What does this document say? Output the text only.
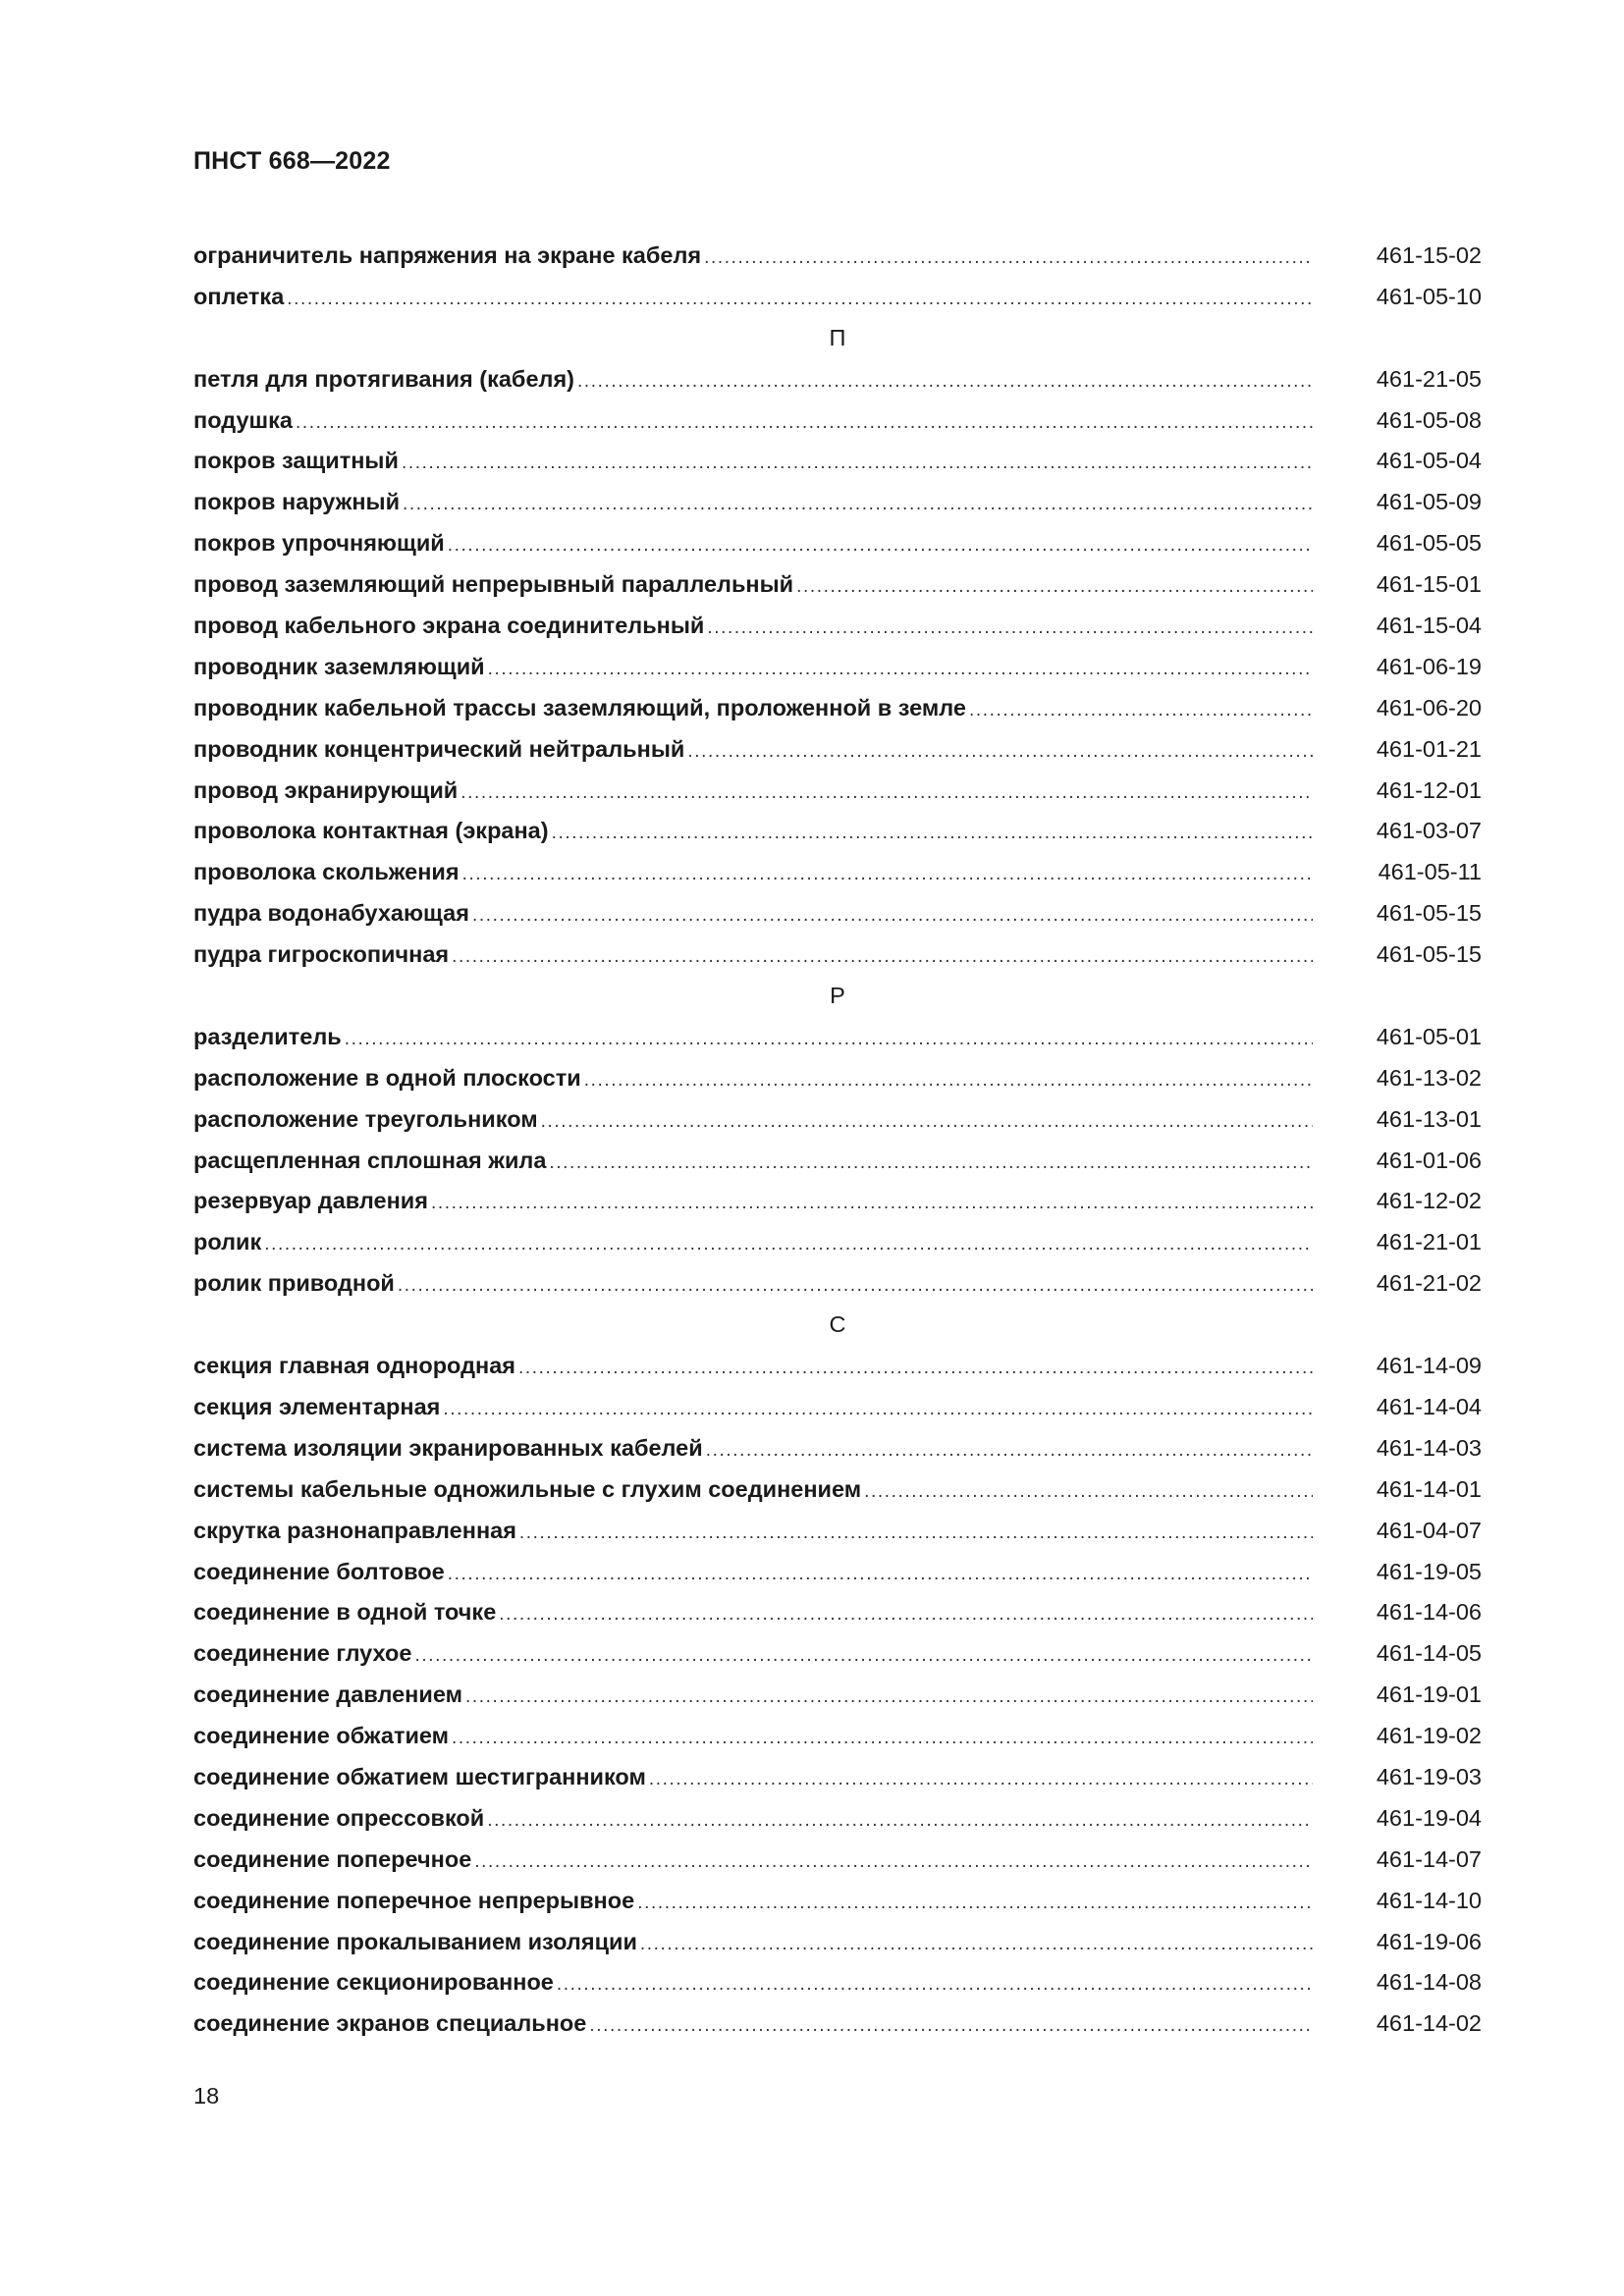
ПНСТ 668—2022
ограничитель напряжения на экране кабеля .....	461-15-02
оплетка .....	461-05-10
П
петля для протягивания (кабеля) .....	461-21-05
подушка .....	461-05-08
покров защитный .....	461-05-04
покров наружный .....	461-05-09
покров упрочняющий .....	461-05-05
провод заземляющий непрерывный параллельный .....	461-15-01
провод кабельного экрана соединительный .....	461-15-04
проводник заземляющий .....	461-06-19
проводник кабельной трассы заземляющий, проложенной в земле .....	461-06-20
проводник концентрический нейтральный .....	461-01-21
провод экранирующий .....	461-12-01
проволока контактная (экрана) .....	461-03-07
проволока скольжения .....	461-05-11
пудра водонабухающая .....	461-05-15
пудра гигроскопичная .....	461-05-15
Р
разделитель .....	461-05-01
расположение в одной плоскости .....	461-13-02
расположение треугольником .....	461-13-01
расщепленная сплошная жила .....	461-01-06
резервуар давления .....	461-12-02
ролик .....	461-21-01
ролик приводной .....	461-21-02
С
секция главная однородная .....	461-14-09
секция элементарная .....	461-14-04
система изоляции экранированных кабелей .....	461-14-03
системы кабельные одножильные с глухим соединением .....	461-14-01
скрутка разнонаправленная .....	461-04-07
соединение болтовое .....	461-19-05
соединение в одной точке .....	461-14-06
соединение глухое .....	461-14-05
соединение давлением .....	461-19-01
соединение обжатием .....	461-19-02
соединение обжатием шестигранником .....	461-19-03
соединение опрессовкой .....	461-19-04
соединение поперечное .....	461-14-07
соединение поперечное непрерывное .....	461-14-10
соединение прокалыванием изоляции .....	461-19-06
соединение секционированное .....	461-14-08
соединение экранов специальное .....	461-14-02
18
